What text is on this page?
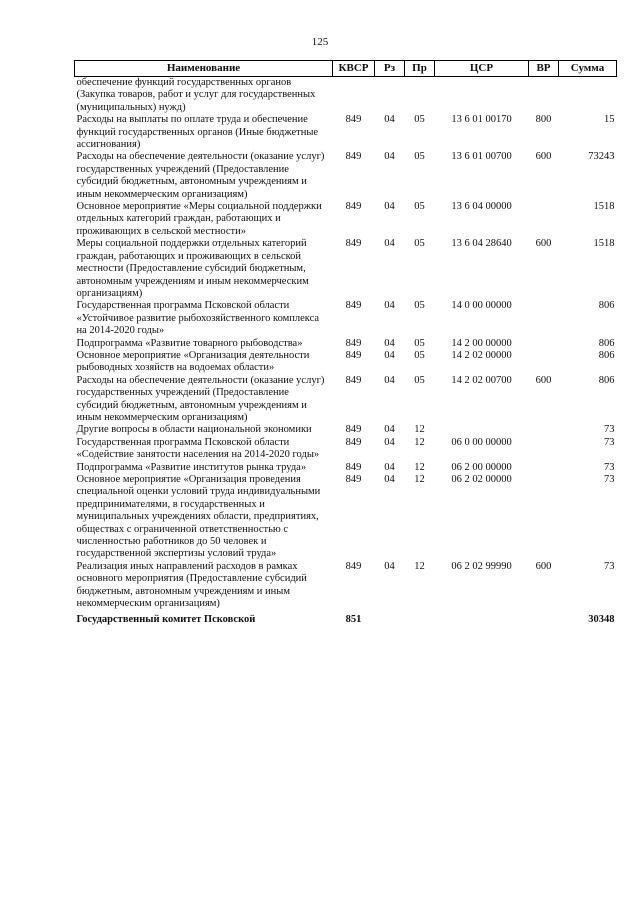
125
Наименование	КВСР	Рз	Пр	ЦСР	ВР	Сумма
обеспечение функций государственных органов (Закупка товаров, работ и услуг для государственных (муниципальных) нужд)						
Расходы на выплаты по оплате труда и обеспечение функций государственных органов (Иные бюджетные ассигнования)	849	04	05	13 6 01 00170	800	15
Расходы на обеспечение деятельности (оказание услуг) государственных учреждений (Предоставление субсидий бюджетным, автономным учреждениям и иным некоммерческим организациям)	849	04	05	13 6 01 00700	600	73243
Основное мероприятие «Меры социальной поддержки отдельных категорий граждан, работающих и проживающих в сельской местности»	849	04	05	13 6 04 00000		1518
Меры социальной поддержки отдельных категорий граждан, работающих и проживающих в сельской местности (Предоставление субсидий бюджетным, автономным учреждениям и иным некоммерческим организациям)	849	04	05	13 6 04 28640	600	1518
Государственная программа Псковской области «Устойчивое развитие рыбохозяйственного комплекса на 2014-2020 годы»	849	04	05	14 0 00 00000		806
Подпрограмма «Развитие товарного рыбоводства»	849	04	05	14 2 00 00000		806
Основное мероприятие «Организация деятельности рыбоводных хозяйств на водоемах области»	849	04	05	14 2 02 00000		806
Расходы на обеспечение деятельности (оказание услуг) государственных учреждений (Предоставление субсидий бюджетным, автономным учреждениям и иным некоммерческим организациям)	849	04	05	14 2 02 00700	600	806
Другие вопросы в области национальной экономики	849	04	12			73
Государственная программа Псковской области «Содействие занятости населения на 2014-2020 годы»	849	04	12	06 0 00 00000		73
Подпрограмма «Развитие институтов рынка труда»	849	04	12	06 2 00 00000		73
Основное мероприятие «Организация проведения специальной оценки условий труда индивидуальными предпринимателями, в государственных и муниципальных учреждениях области, предприятиях, обществах с ограниченной ответственностью с численностью работников до 50 человек и государственной экспертизы условий труда»	849	04	12	06 2 02 00000		73
Реализация иных направлений расходов в рамках основного мероприятия (Предоставление субсидий бюджетным, автономным учреждениям и иным некоммерческим организациям)	849	04	12	06 2 02 99990	600	73
Государственный комитет Псковской	851					30348
